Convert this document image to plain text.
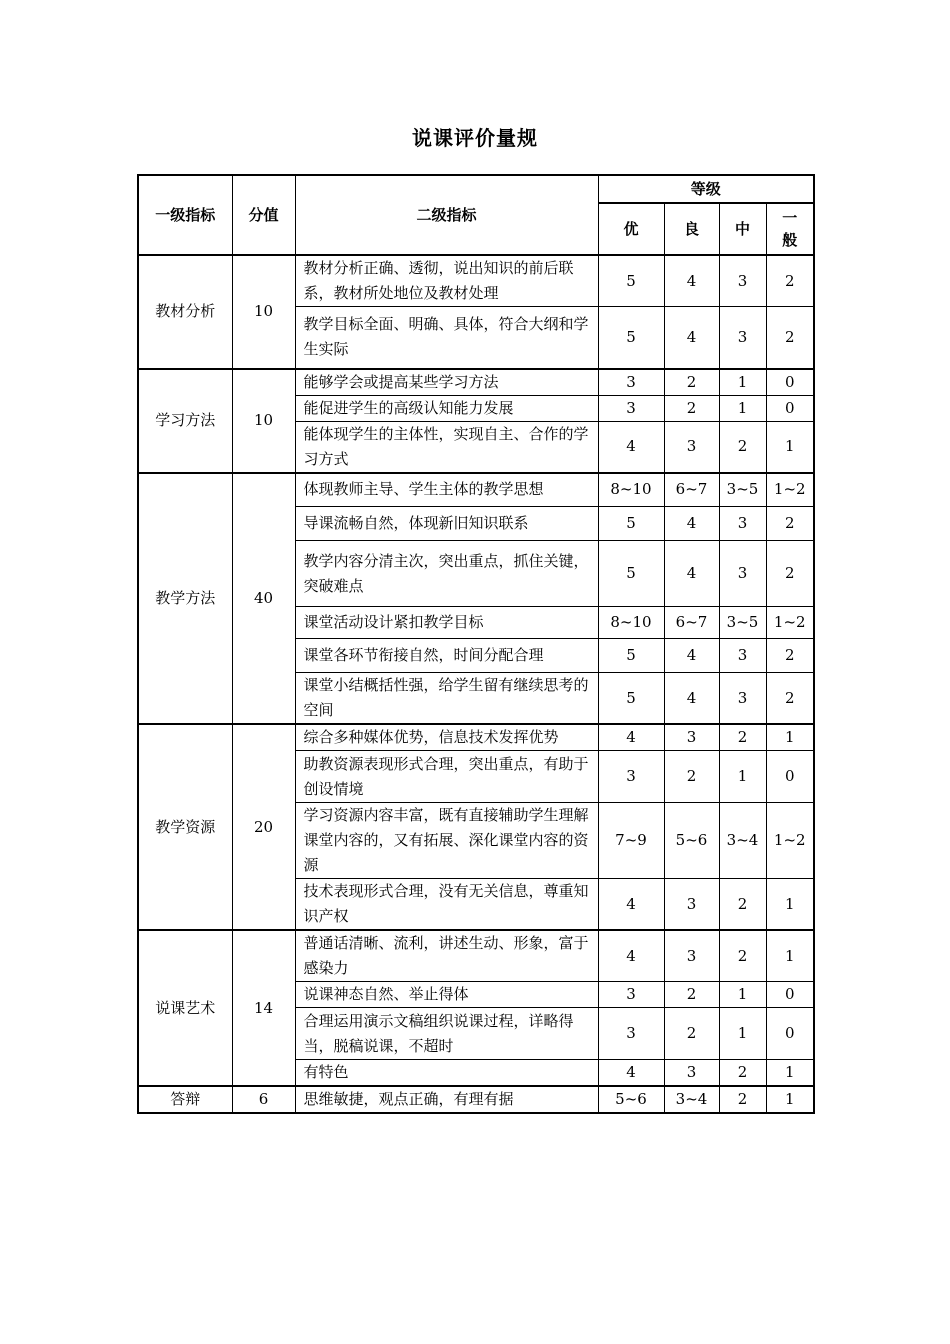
说课评价量规
一级指标	分值	二级指标	等级			
			优	良	中	一般
教材分析	10	教材分析正确、透彻，说出知识的前后联系，教材所处地位及教材处理	5	4	3	2
		教学目标全面、明确、具体，符合大纲和学生实际	5	4	3	2
学习方法	10	能够学会或提高某些学习方法	3	2	1	0
		能促进学生的高级认知能力发展	3	2	1	0
		能体现学生的主体性，实现自主、合作的学习方式	4	3	2	1
教学方法	40	体现教师主导、学生主体的教学思想	8~10	6~7	3~5	1~2
		导课流畅自然，体现新旧知识联系	5	4	3	2
		教学内容分清主次，突出重点，抓住关键，突破难点	5	4	3	2
		课堂活动设计紧扣教学目标	8~10	6~7	3~5	1~2
		课堂各环节衔接自然，时间分配合理	5	4	3	2
		课堂小结概括性强，给学生留有继续思考的空间	5	4	3	2
教学资源	20	综合多种媒体优势，信息技术发挥优势	4	3	2	1
		助教资源表现形式合理，突出重点，有助于创设情境	3	2	1	0
		学习资源内容丰富，既有直接辅助学生理解课堂内容的，又有拓展、深化课堂内容的资源	7~9	5~6	3~4	1~2
		技术表现形式合理，没有无关信息，尊重知识产权	4	3	2	1
说课艺术	14	普通话清晰、流利，讲述生动、形象，富于感染力	4	3	2	1
		说课神态自然、举止得体	3	2	1	0
		合理运用演示文稿组织说课过程，详略得当，脱稿说课，不超时	3	2	1	0
		有特色	4	3	2	1
答辩	6	思维敏捷，观点正确，有理有据	5~6	3~4	2	1
